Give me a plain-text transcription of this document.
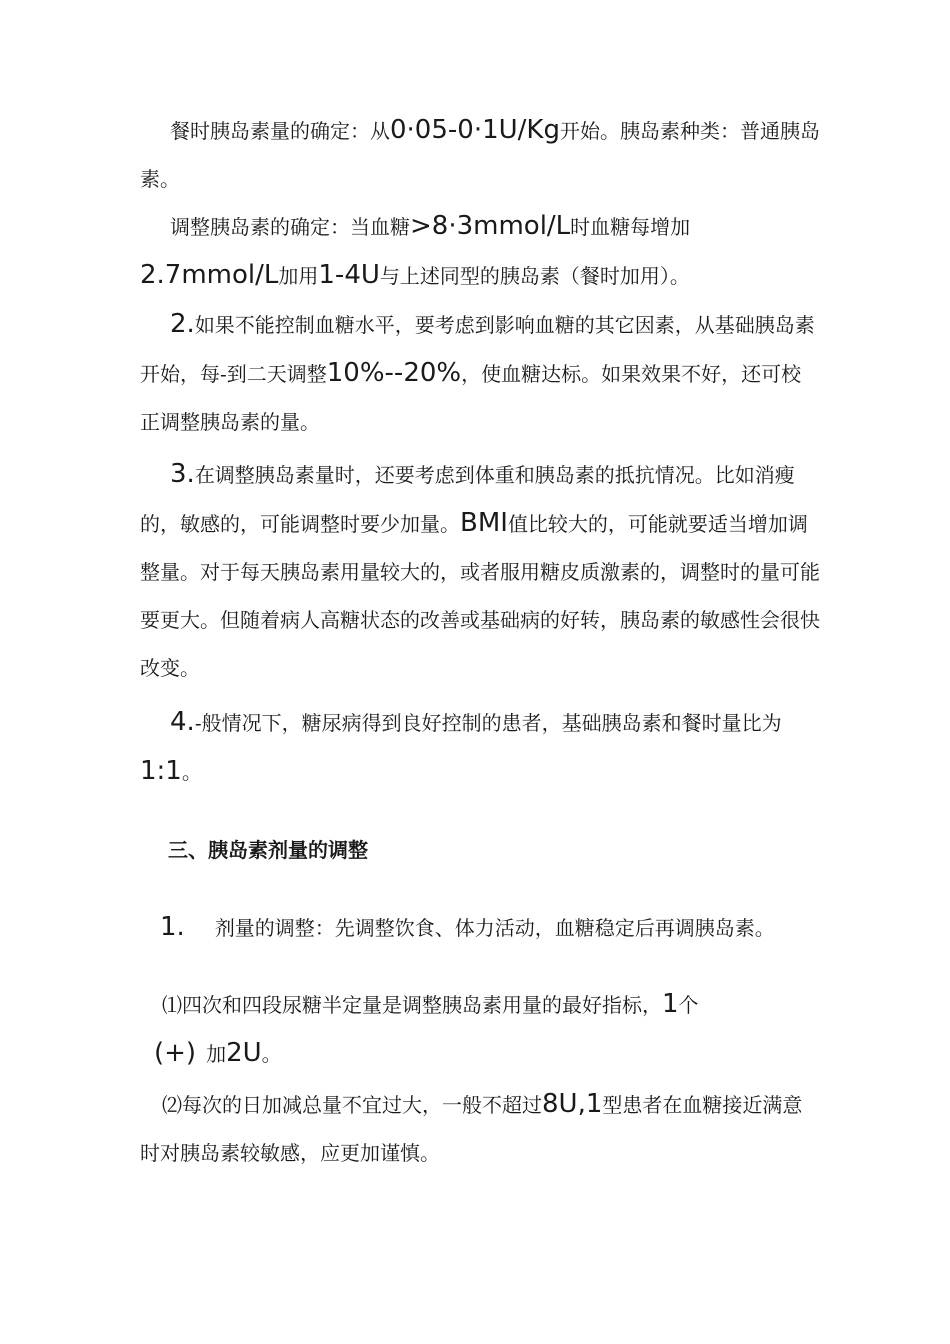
餐时胰岛素量的确定：从0·05-0·1U/Kg开始。胰岛素种类：普通胰岛素。

调整胰岛素的确定：当血糖>8·3mmol/L时血糖每增加2.7mmol/L加用1-4U与上述同型的胰岛素（餐时加用）。

2.如果不能控制血糖水平，要考虑到影响血糖的其它因素，从基础胰岛素开始，每-到二天调整10%--20%，使血糖达标。如果效果不好，还可校正调整胰岛素的量。

3.在调整胰岛素量时，还要考虑到体重和胰岛素的抵抗情况。比如消瘦的，敏感的，可能调整时要少加量。BMI值比较大的，可能就要适当增加调整量。对于每天胰岛素用量较大的，或者服用糖皮质激素的，调整时的量可能要更大。但随着病人高糖状态的改善或基础病的好转，胰岛素的敏感性会很快改变。

4.-般情况下，糖尿病得到良好控制的患者，基础胰岛素和餐时量比为1:1。

三、胰岛素剂量的调整

1. 剂量的调整：先调整饮食、体力活动，血糖稳定后再调胰岛素。

⑴四次和四段尿糖半定量是调整胰岛素用量的最好指标，1个
(+) 加2U。

⑵每次的日加减总量不宜过大，一般不超过8U,1型患者在血糖接近满意时对胰岛素较敏感，应更加谨慎。
